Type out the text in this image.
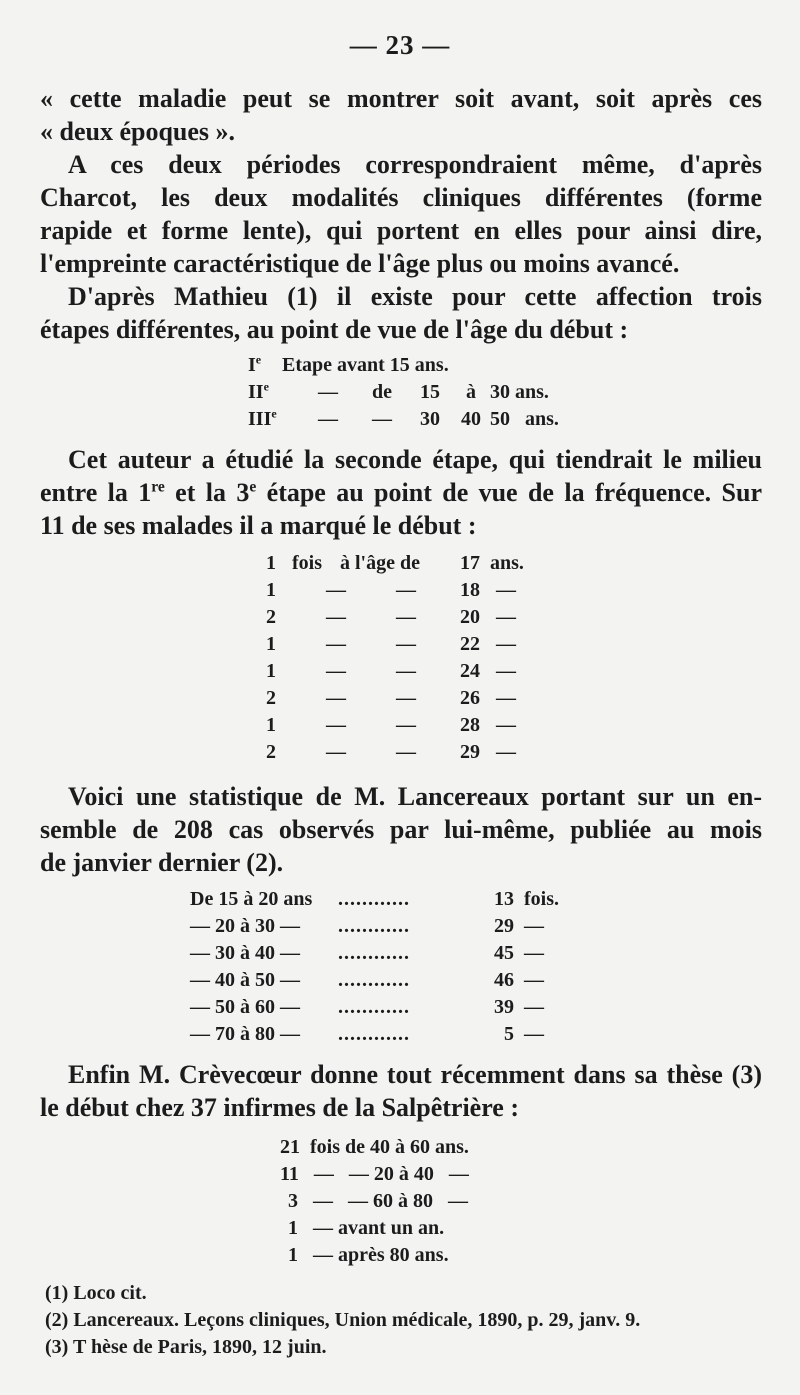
— 23 —
« cette maladie peut se montrer soit avant, soit après ces
« deux époques ».
A ces deux périodes correspondraient même, d'après
Charcot, les deux modalités cliniques différentes (forme
rapide et forme lente), qui portent en elles pour ainsi dire,
l'empreinte caractéristique de l'âge plus ou moins avancé.
D'après Mathieu (1) il existe pour cette affection trois
étapes différentes, au point de vue de l'âge du début :
Ie	Etape avant 15 ans.
IIe	—	de	15	à 30 ans.
IIIe	—	—	30	40 50   ans.
Cet auteur a étudié la seconde étape, qui tiendrait le milieu
entre la 1re et la 3e étape au point de vue de la fréquence. Sur
11 de ses malades il a marqué le début :
1 fois à l'âge de	17 ans.
1	—	—	18 —
2	—	—	20 —
1	—	—	22 —
1	—	—	24 —
2	—	—	26 —
1	—	—	28 —
2	—	—	29 —
Voici une statistique de M. Lancereaux portant sur un en-
semble de 208 cas observés par lui-même, publiée au mois
de janvier dernier (2).
De 15 à 20 ans	............	13 fois.
— 20 à 30 —	............	29 —
— 30 à 40 —	............	45 —
— 40 à 50 —	............	46 —
— 50 à 60 —	............	39 —
— 70 à 80 —	............	5 —
Enfin M. Crèvecœur donne tout récemment dans sa thèse (3)
le début chez 37 infirmes de la Salpêtrière :
21  fois de 40 à 60 ans.
11   —   — 20 à 40   —
3   —   — 60 à 80   —
1   — avant un an.
1   — après 80 ans.
(1) Loco cit.
(2) Lancereaux. Leçons cliniques, Union médicale, 1890, p. 29, janv. 9.
(3) T hèse de Paris, 1890, 12 juin.
